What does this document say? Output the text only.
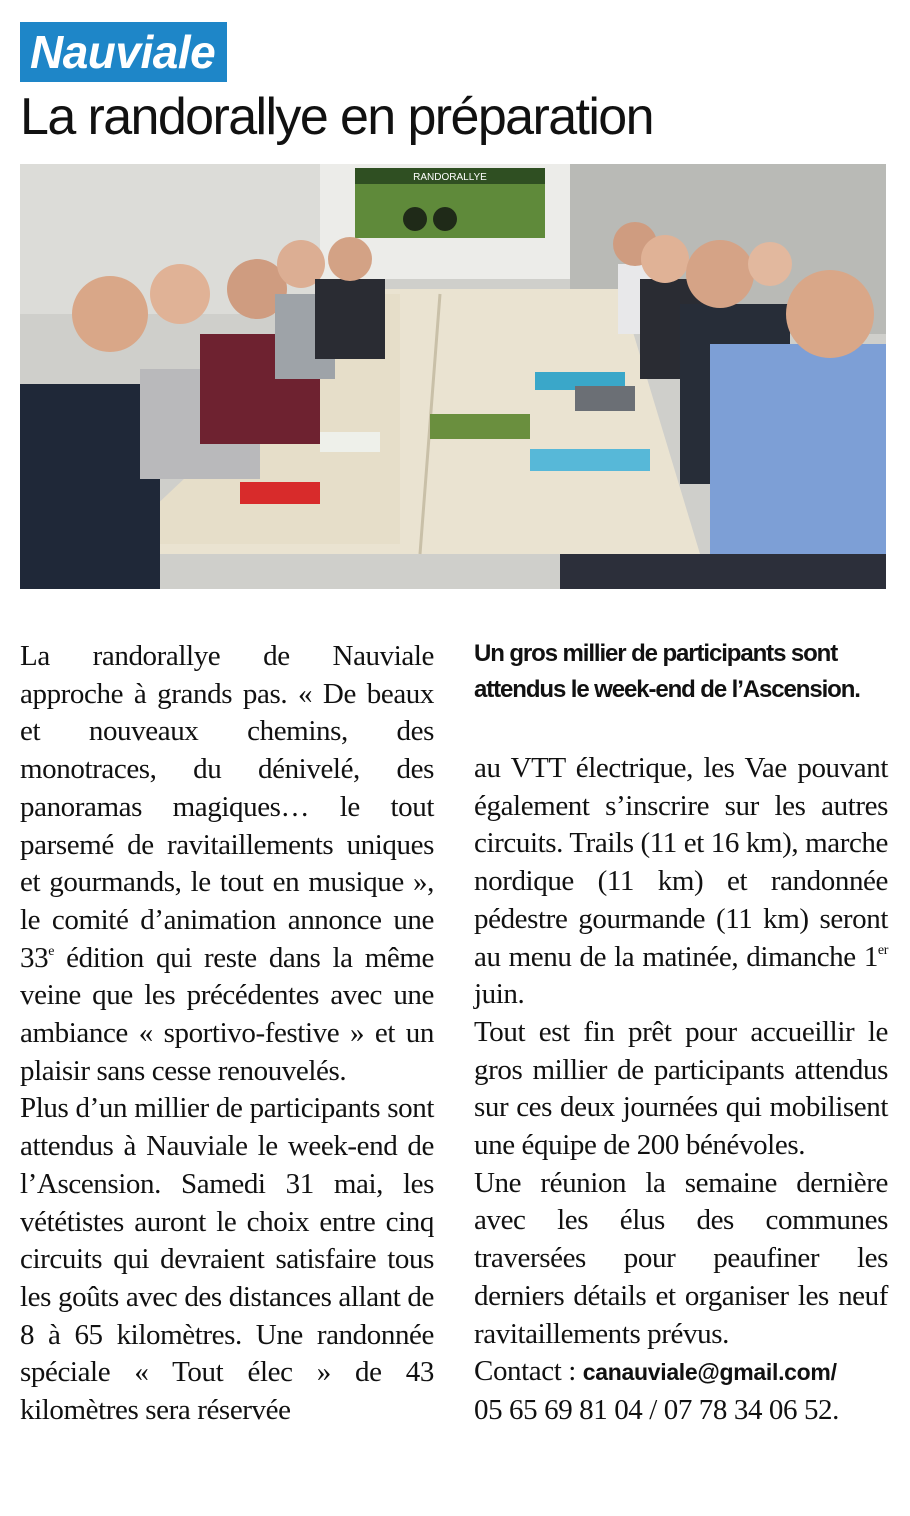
Nauviale
La randorallye en préparation
RANDORALLYE
Un gros millier de participants sont
attendus le week-end de l’Ascension.

La randorallye de Nauviale approche à grands pas. « De beaux et nouveaux chemins, des monotraces, du dénivelé, des panoramas magiques… le tout parsemé de ravitaillements uniques et gourmands, le tout en musique », le comité d’animation annonce une 33e édition qui reste dans la même veine que les précédentes avec une ambiance « sportivo-festive » et un plaisir sans cesse renouvelés.

Plus d’un millier de participants sont attendus à Nauviale le week-end de l’Ascension. Samedi 31 mai, les vététistes auront le choix entre cinq circuits qui devraient satisfaire tous les goûts avec des distances allant de 8 à 65 kilomètres. Une randonnée spéciale « Tout élec » de 43 kilomètres sera réservée

au VTT électrique, les Vae pouvant également s’inscrire sur les autres circuits. Trails (11 et 16 km), marche nordique (11 km) et randonnée pédestre gourmande (11 km) seront au menu de la matinée, dimanche 1er juin.

Tout est fin prêt pour accueillir le gros millier de participants attendus sur ces deux journées qui mobilisent une équipe de 200 bénévoles.

Une réunion la semaine dernière avec les élus des communes traversées pour peaufiner les derniers détails et organiser les neuf ravitaillements prévus.

Contact : canauviale@gmail.com/
05 65 69 81 04 / 07 78 34 06 52.
